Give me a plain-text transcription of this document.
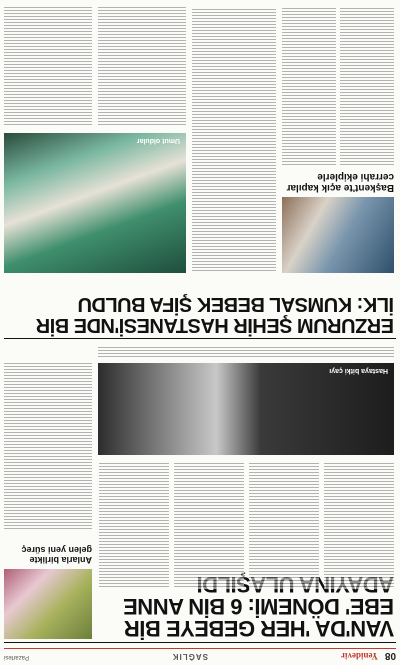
08
Yenidevir
SAĞLIK
Pazartesi
VAN'DA 'HER GEBEYE BİR EBE' DÖNEMİ: 6 BİN ANNE ULAŞILDI
Anlarla birlikte gelen yeni süreç
Hastaya bitki çayı
ERZURUM ŞEHİR HASTANESİ'NDE BİR İLK: KUMSAL BEBEK ŞİFA BULDU
Başkent'te açık kapılar cerrahi ekiplerle
Umut oldular
